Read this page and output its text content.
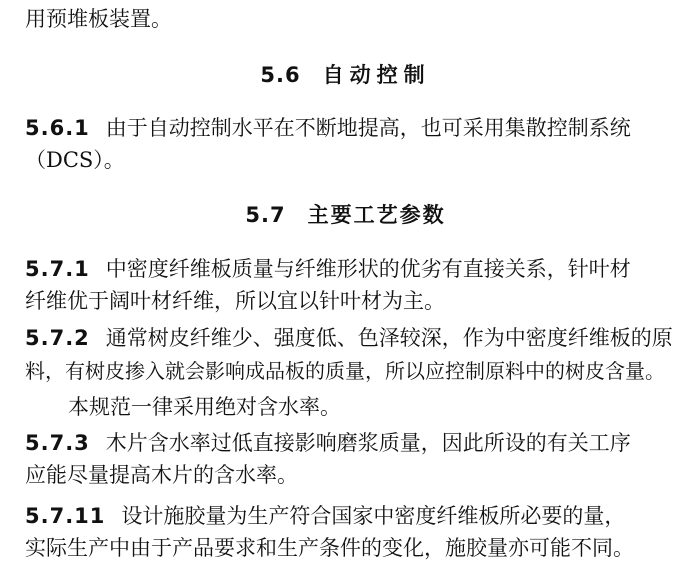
用预堆板装置。
5.6 自动控制
5.6.1 由于自动控制水平在不断地提高，也可采用集散控制系统
（DCS）。
5.7 主要工艺参数
5.7.1 中密度纤维板质量与纤维形状的优劣有直接关系，针叶材
纤维优于阔叶材纤维，所以宜以针叶材为主。
5.7.2 通常树皮纤维少、强度低、色泽较深，作为中密度纤维板的原
料，有树皮掺入就会影响成品板的质量，所以应控制原料中的树皮含量。
本规范一律采用绝对含水率。
5.7.3 木片含水率过低直接影响磨浆质量，因此所设的有关工序
应能尽量提高木片的含水率。
5.7.11 设计施胶量为生产符合国家中密度纤维板所必要的量，
实际生产中由于产品要求和生产条件的变化，施胶量亦可能不同。
